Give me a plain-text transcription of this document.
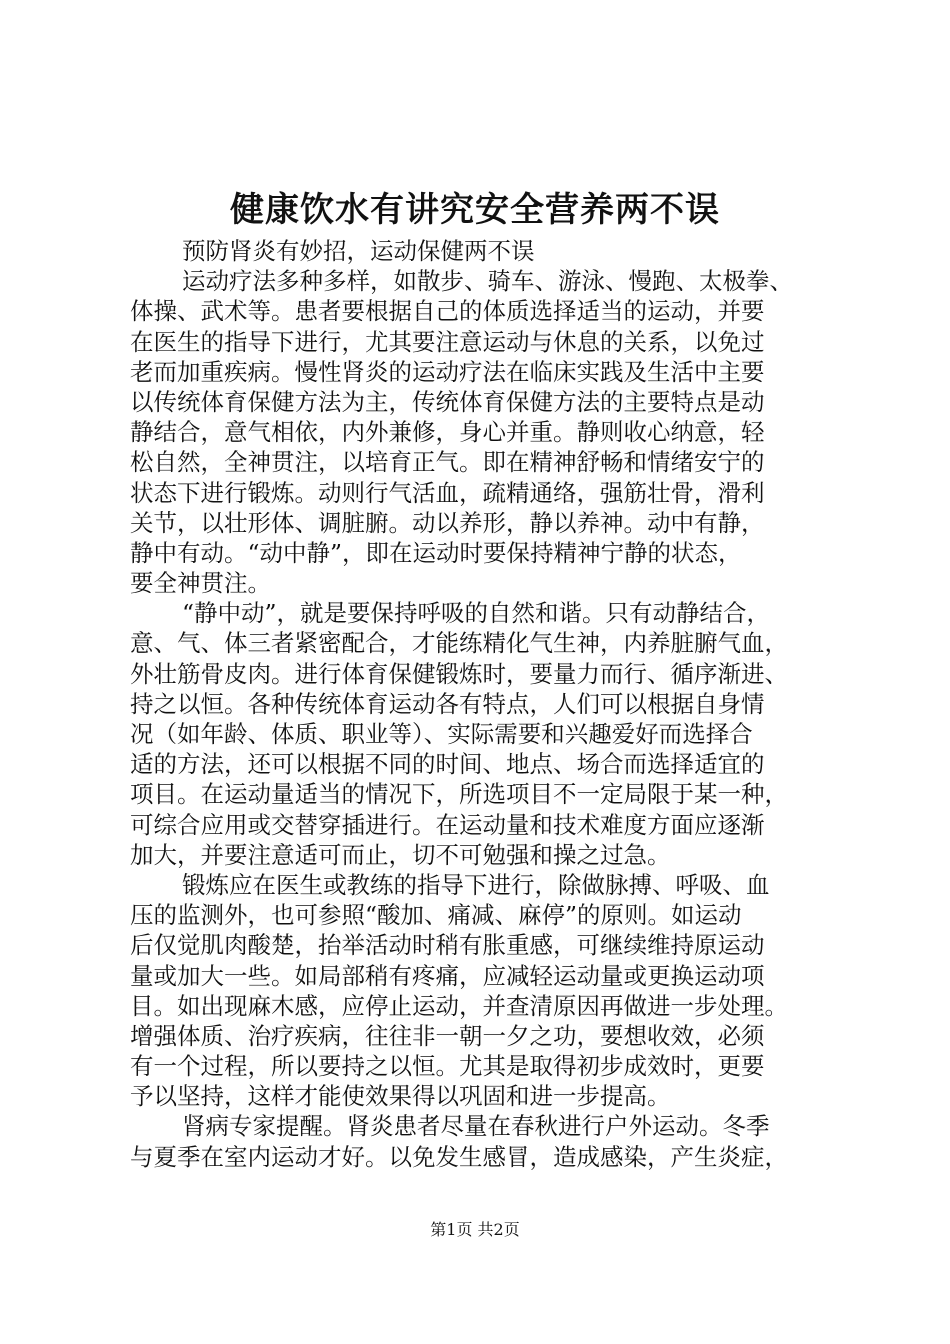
健康饮水有讲究安全营养两不误
预防肾炎有妙招，运动保健两不误
运动疗法多种多样，如散步、骑车、游泳、慢跑、太极拳、
体操、武术等。患者要根据自己的体质选择适当的运动，并要
在医生的指导下进行，尤其要注意运动与休息的关系，以免过
老而加重疾病。慢性肾炎的运动疗法在临床实践及生活中主要
以传统体育保健方法为主，传统体育保健方法的主要特点是动
静结合，意气相依，内外兼修，身心并重。静则收心纳意，轻
松自然，全神贯注，以培育正气。即在精神舒畅和情绪安宁的
状态下进行锻炼。动则行气活血，疏精通络，强筋壮骨，滑利
关节，以壮形体、调脏腑。动以养形，静以养神。动中有静，
静中有动。“动中静”，即在运动时要保持精神宁静的状态，
要全神贯注。
“静中动”，就是要保持呼吸的自然和谐。只有动静结合，
意、气、体三者紧密配合，才能练精化气生神，内养脏腑气血，
外壮筋骨皮肉。进行体育保健锻炼时，要量力而行、循序渐进、
持之以恒。各种传统体育运动各有特点，人们可以根据自身情
况（如年龄、体质、职业等）、实际需要和兴趣爱好而选择合
适的方法，还可以根据不同的时间、地点、场合而选择适宜的
项目。在运动量适当的情况下，所选项目不一定局限于某一种，
可综合应用或交替穿插进行。在运动量和技术难度方面应逐渐
加大，并要注意适可而止，切不可勉强和操之过急。
锻炼应在医生或教练的指导下进行，除做脉搏、呼吸、血
压的监测外，也可参照“酸加、痛减、麻停”的原则。如运动
后仅觉肌肉酸楚，抬举活动时稍有胀重感，可继续维持原运动
量或加大一些。如局部稍有疼痛，应减轻运动量或更换运动项
目。如出现麻木感，应停止运动，并查清原因再做进一步处理。
增强体质、治疗疾病，往往非一朝一夕之功，要想收效，必须
有一个过程，所以要持之以恒。尤其是取得初步成效时，更要
予以坚持，这样才能使效果得以巩固和进一步提高。
肾病专家提醒。肾炎患者尽量在春秋进行户外运动。冬季
与夏季在室内运动才好。以免发生感冒，造成感染，产生炎症，
第1页 共2页
